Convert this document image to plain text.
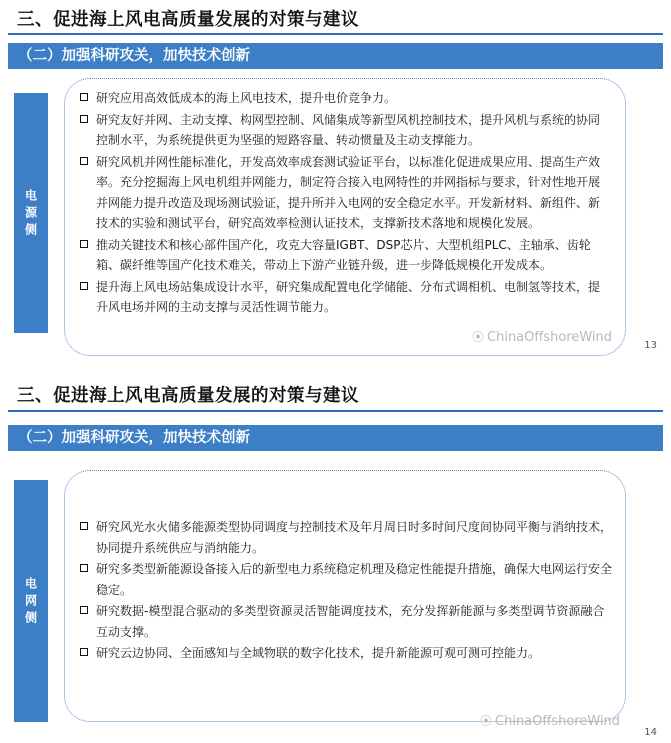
三、促进海上风电高质量发展的对策与建议
（二）加强科研攻关，加快技术创新
电
源
侧
研究应用高效低成本的海上风电技术，提升电价竞争力。
研究友好并网、主动支撑、构网型控制、风储集成等新型风机控制技术，提升风机与系统的协同控制水平，为系统提供更为坚强的短路容量、转动惯量及主动支撑能力。
研究风机并网性能标准化，开发高效率成套测试验证平台，以标准化促进成果应用、提高生产效率。充分挖掘海上风电机组并网能力，制定符合接入电网特性的并网指标与要求，针对性地开展并网能力提升改造及现场测试验证，提升所并入电网的安全稳定水平。开发新材料、新组件、新技术的实验和测试平台，研究高效率检测认证技术，支撑新技术落地和规模化发展。
推动关键技术和核心部件国产化，攻克大容量IGBT、DSP芯片、大型机组PLC、主轴承、齿轮箱、碳纤维等国产化技术难关，带动上下游产业链升级，进一步降低规模化开发成本。
提升海上风电场站集成设计水平，研究集成配置电化学储能、分布式调相机、电制氢等技术，提升风电场并网的主动支撑与灵活性调节能力。
⦿ ChinaOffshoreWind
13
三、促进海上风电高质量发展的对策与建议
（二）加强科研攻关，加快技术创新
电
网
侧
研究风光水火储多能源类型协同调度与控制技术及年月周日时多时间尺度间协同平衡与消纳技术，协同提升系统供应与消纳能力。
研究多类型新能源设备接入后的新型电力系统稳定机理及稳定性能提升措施，确保大电网运行安全稳定。
研究数据-模型混合驱动的多类型资源灵活智能调度技术，充分发挥新能源与多类型调节资源融合互动支撑。
研究云边协同、全面感知与全域物联的数字化技术，提升新能源可观可测可控能力。
⦿ ChinaOffshoreWind
14
